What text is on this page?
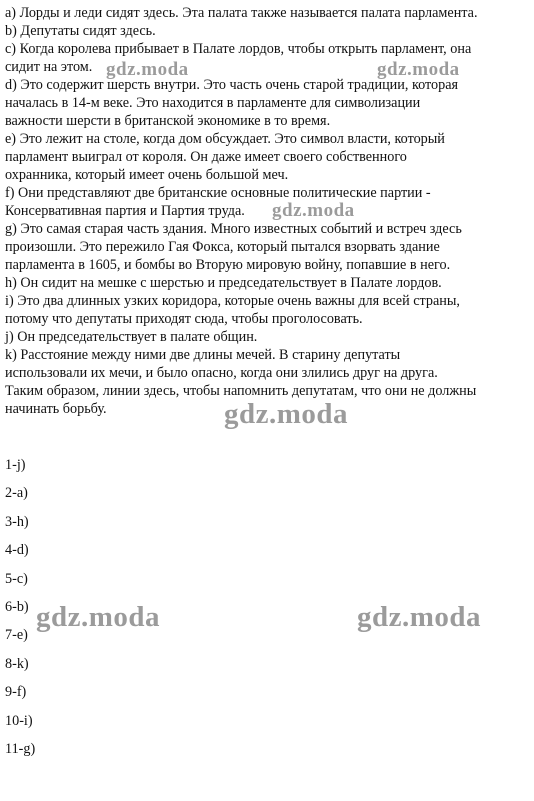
a) Лорды и леди сидят здесь. Эта палата также называется палата парламента.

b) Депутаты сидят здесь.

c) Когда королева прибывает в Палате лордов, чтобы открыть парламент, она
сидит на этом.

d) Это содержит шерсть внутри. Это часть очень старой традиции, которая
началась в 14-м веке. Это находится в парламенте для символизации
важности шерсти в британской экономике в то время.

e) Это лежит на столе, когда дом обсуждает. Это символ власти, который
парламент выиграл от короля. Он даже имеет своего собственного
охранника, который имеет очень большой меч.

f) Они представляют две британские основные политические партии -
Консервативная партия и Партия труда.

g) Это самая старая часть здания. Много известных событий и встреч здесь
произошли. Это пережило Гая Фокса, который пытался взорвать здание
парламента в 1605, и бомбы во Вторую мировую войну, попавшие в него.

h) Он сидит на мешке с шерстью и председательствует в Палате лордов.

i) Это два длинных узких коридора, которые очень важны для всей страны,
потому что депутаты приходят сюда, чтобы проголосовать.

j) Он председательствует в палате общин.

k) Расстояние между ними две длины мечей. В старину депутаты
использовали их мечи, и было опасно, когда они злились друг на друга.
Таким образом, линии здесь, чтобы напомнить депутатам, что они не должны
начинать борьбу.

1-j)

2-a)

3-h)

4-d)

5-c)

6-b)

7-e)

8-k)

9-f)

10-i)

11-g)

gdz.moda	gdz.moda
gdz.moda
gdz.moda
gdz.moda	gdz.moda
